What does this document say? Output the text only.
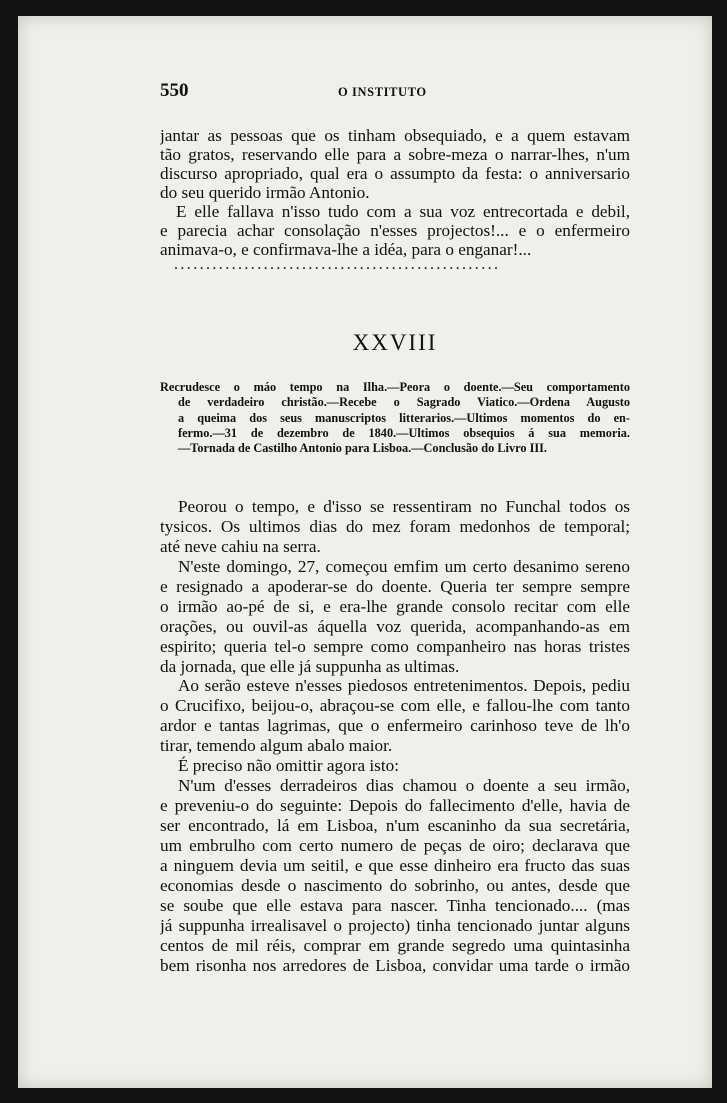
550	O INSTITUTO
jantar as pessoas que os tinham obsequiado, e a quem estavam
tão gratos, reservando elle para a sobre-meza o narrar-lhes, n'um
discurso apropriado, qual era o assumpto da festa: o anniversario
do seu querido irmão Antonio.
E elle fallava n'isso tudo com a sua voz entrecortada e debil,
e parecia achar consolação n'esses projectos!... e o enfermeiro
animava-o, e confirmava-lhe a idéa, para o enganar!...
...................................................
XXVIII
Recrudesce o máo tempo na Ilha.—Peora o doente.—Seu comportamento
de verdadeiro christão.—Recebe o Sagrado Viatico.—Ordena Augusto
a queima dos seus manuscriptos litterarios.—Ultimos momentos do en-
fermo.—31 de dezembro de 1840.—Ultimos obsequios á sua memoria.
—Tornada de Castilho Antonio para Lisboa.—Conclusão do Livro III.
Peorou o tempo, e d'isso se ressentiram no Funchal todos os
tysicos. Os ultimos dias do mez foram medonhos de temporal;
até neve cahiu na serra.
N'este domingo, 27, começou emfim um certo desanimo sereno
e resignado a apoderar-se do doente. Queria ter sempre sempre
o irmão ao-pé de si, e era-lhe grande consolo recitar com elle
orações, ou ouvil-as áquella voz querida, acompanhando-as em
espirito; queria tel-o sempre como companheiro nas horas tristes
da jornada, que elle já suppunha as ultimas.
Ao serão esteve n'esses piedosos entretenimentos. Depois, pediu
o Crucifixo, beijou-o, abraçou-se com elle, e fallou-lhe com tanto
ardor e tantas lagrimas, que o enfermeiro carinhoso teve de lh'o
tirar, temendo algum abalo maior.
É preciso não omittir agora isto:
N'um d'esses derradeiros dias chamou o doente a seu irmão,
e preveniu-o do seguinte: Depois do fallecimento d'elle, havia de
ser encontrado, lá em Lisboa, n'um escaninho da sua secretária,
um embrulho com certo numero de peças de oiro; declarava que
a ninguem devia um seitil, e que esse dinheiro era fructo das suas
economias desde o nascimento do sobrinho, ou antes, desde que
se soube que elle estava para nascer. Tinha tencionado.... (mas
já suppunha irrealisavel o projecto) tinha tencionado juntar alguns
centos de mil réis, comprar em grande segredo uma quintasinha
bem risonha nos arredores de Lisboa, convidar uma tarde o irmão
